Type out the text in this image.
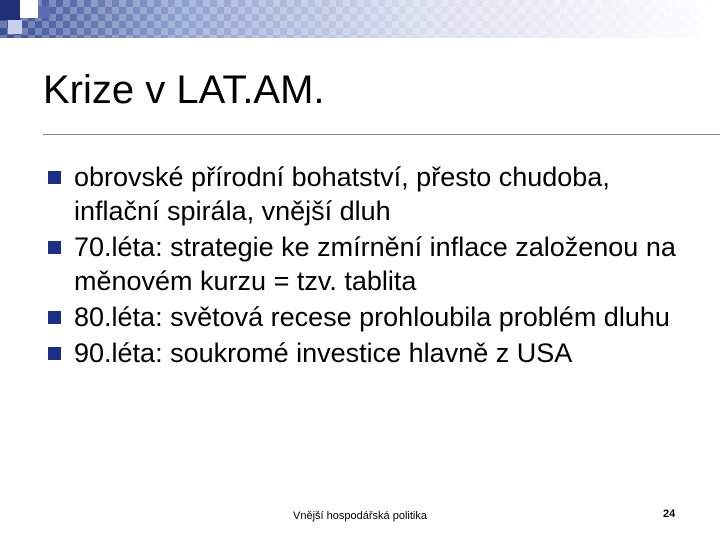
Krize v LAT.AM.
obrovské přírodní bohatství, přesto chudoba, inflační spirála, vnější dluh
70.léta: strategie ke zmírnění inflace založenou na měnovém kurzu = tzv. tablita
80.léta: světová recese prohloubila problém dluhu
90.léta: soukromé investice hlavně z USA
Vnější hospodářská politika	24
